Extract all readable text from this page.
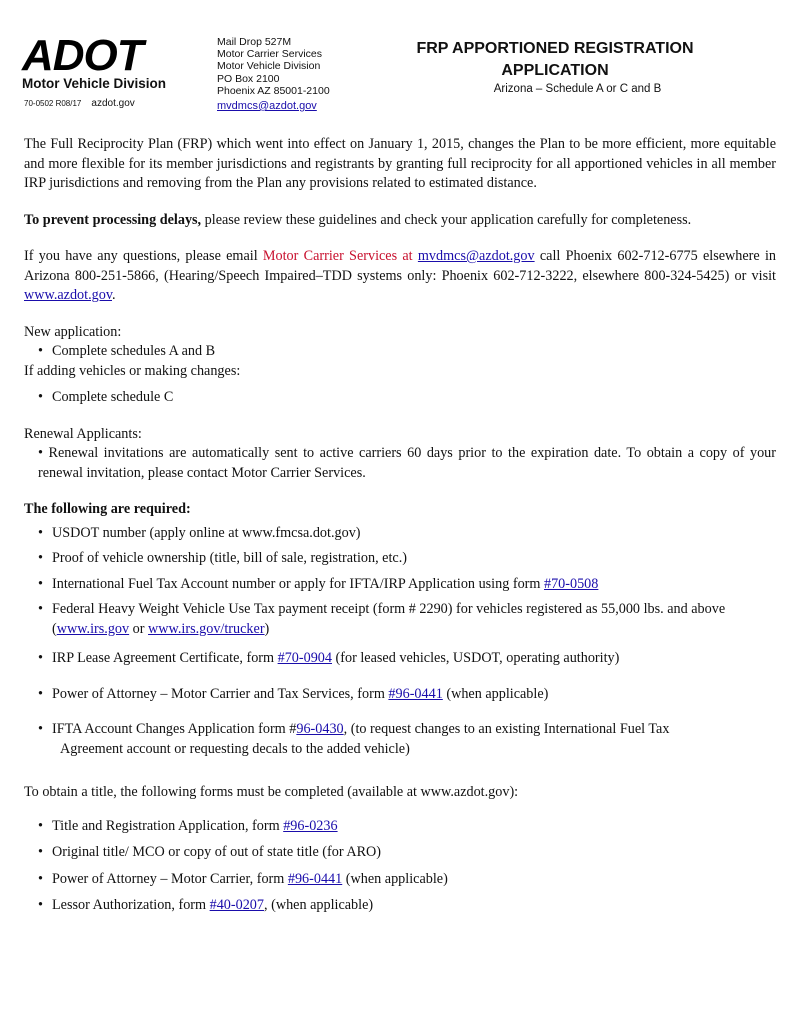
ADOT
Motor Vehicle Division
70-0502 R08/17 azdot.gov
Mail Drop 527M
Motor Carrier Services
Motor Vehicle Division
PO Box 2100
Phoenix AZ 85001-2100
mvdmcs@azdot.gov
FRP APPORTIONED REGISTRATION
APPLICATION
Arizona – Schedule A or C and B

The Full Reciprocity Plan (FRP) which went into effect on January 1, 2015, changes the Plan to be more efficient, more equitable and more flexible for its member jurisdictions and registrants by granting full reciprocity for all apportioned vehicles in all member IRP jurisdictions and removing from the Plan any provisions related to estimated distance.

To prevent processing delays, please review these guidelines and check your application carefully for completeness.

If you have any questions, please email Motor Carrier Services at mvdmcs@azdot.gov call Phoenix 602-712-6775 elsewhere in Arizona 800-251-5866, (Hearing/Speech Impaired–TDD systems only: Phoenix 602-712-3222, elsewhere 800-324-5425) or visit www.azdot.gov.

New application:

• Complete schedules A and B

If adding vehicles or making changes:

• Complete schedule C

Renewal Applicants:

• Renewal invitations are automatically sent to active carriers 60 days prior to the expiration date. To obtain a copy of your renewal invitation, please contact Motor Carrier Services.

The following are required:

• USDOT number (apply online at www.fmcsa.dot.gov)
• Proof of vehicle ownership (title, bill of sale, registration, etc.)
• International Fuel Tax Account number or apply for IFTA/IRP Application using form #70-0508
• Federal Heavy Weight Vehicle Use Tax payment receipt (form # 2290) for vehicles registered as 55,000 lbs. and above (www.irs.gov or www.irs.gov/trucker)
• IRP Lease Agreement Certificate, form #70-0904 (for leased vehicles, USDOT, operating authority)
• Power of Attorney – Motor Carrier and Tax Services, form #96-0441 (when applicable)
• IFTA Account Changes Application form #96-0430, (to request changes to an existing International Fuel Tax
Agreement account or requesting decals to the added vehicle)

To obtain a title, the following forms must be completed (available at www.azdot.gov):

• Title and Registration Application, form #96-0236
• Original title/ MCO or copy of out of state title (for ARO)
• Power of Attorney – Motor Carrier, form #96-0441 (when applicable)
• Lessor Authorization, form #40-0207, (when applicable)
